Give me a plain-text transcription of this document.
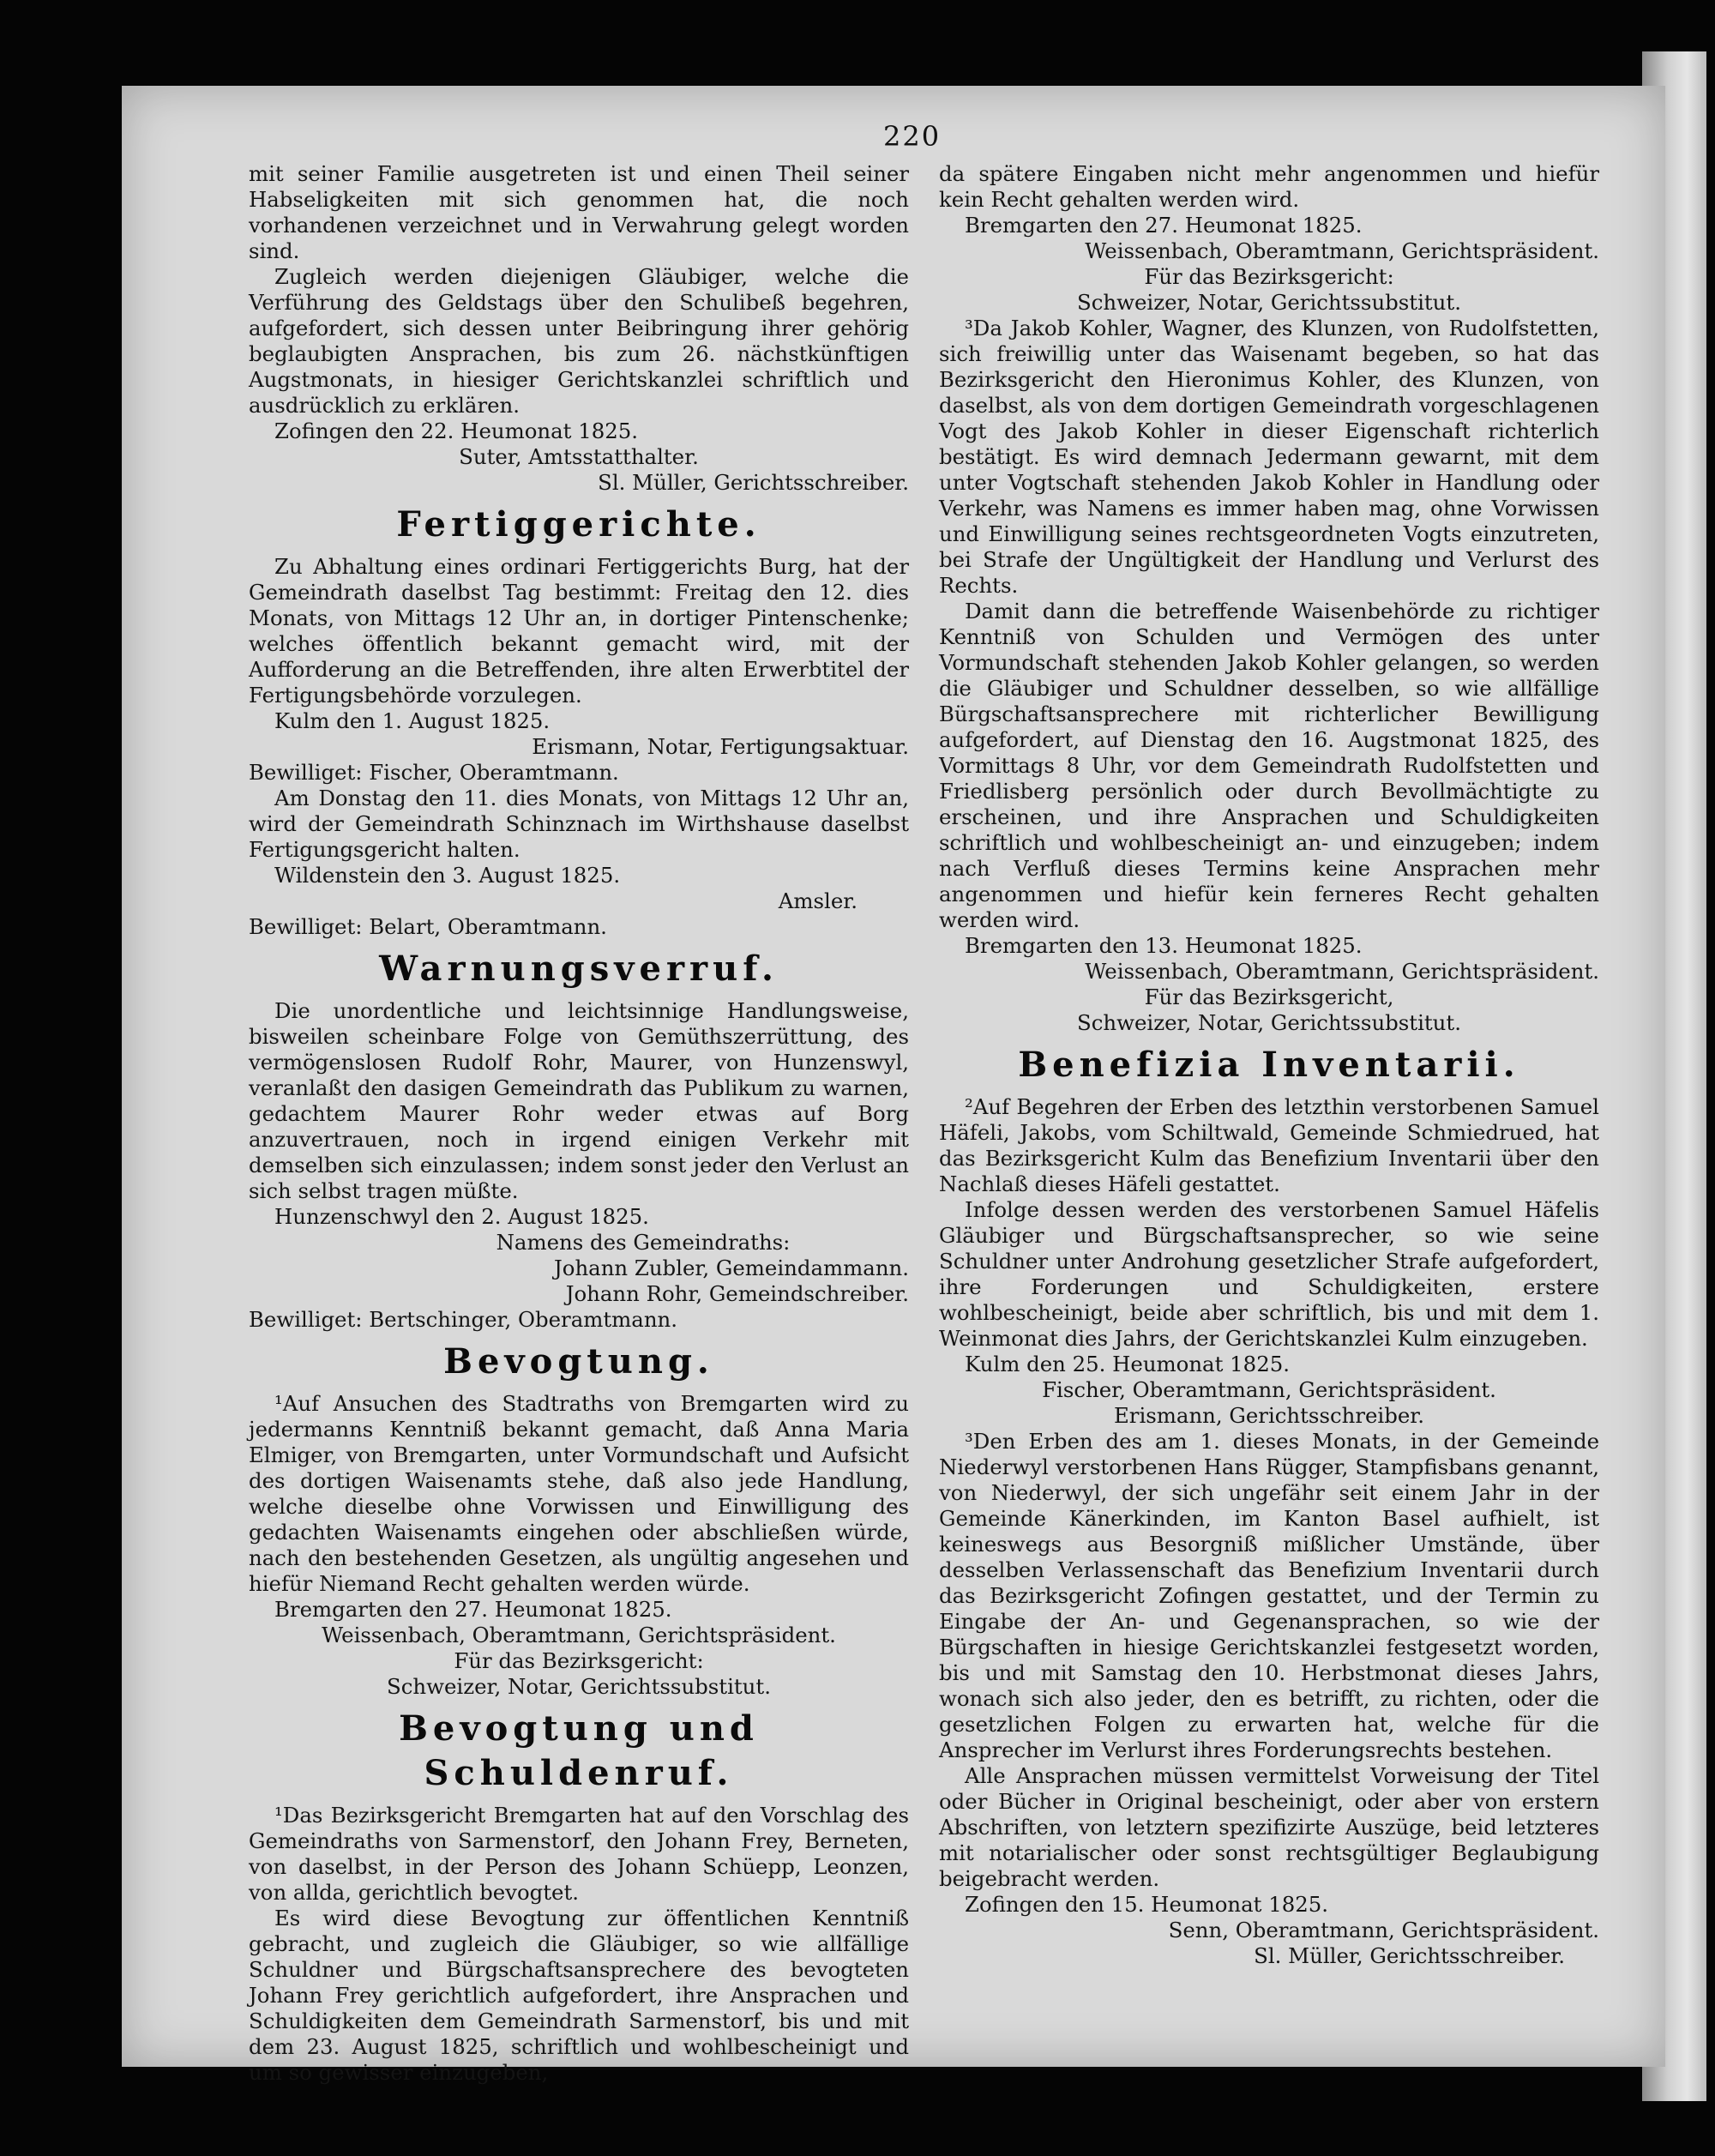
220

mit seiner Familie ausgetreten ist und einen Theil seiner Habseligkeiten mit sich genommen hat, die noch vorhandenen verzeichnet und in Verwahrung gelegt worden sind.

Zugleich werden diejenigen Gläubiger, welche die Verführung des Geldstags über den Schulibeß begehren, aufgefordert, sich dessen unter Beibringung ihrer gehörig beglaubigten Ansprachen, bis zum 26. nächstkünftigen Augstmonats, in hiesiger Gerichtskanzlei schriftlich und ausdrücklich zu erklären.

Zofingen den 22. Heumonat 1825.

Suter, Amtsstatthalter.

Sl. Müller, Gerichtsschreiber.

Fertiggerichte.

Zu Abhaltung eines ordinari Fertiggerichts Burg, hat der Gemeindrath daselbst Tag bestimmt: Freitag den 12. dies Monats, von Mittags 12 Uhr an, in dortiger Pintenschenke; welches öffentlich bekannt gemacht wird, mit der Aufforderung an die Betreffenden, ihre alten Erwerbtitel der Fertigungsbehörde vorzulegen.

Kulm den 1. August 1825.

Erismann, Notar, Fertigungsaktuar.

Bewilliget: Fischer, Oberamtmann.

Am Donstag den 11. dies Monats, von Mittags 12 Uhr an, wird der Gemeindrath Schinznach im Wirthshause daselbst Fertigungsgericht halten.

Wildenstein den 3. August 1825.

Amsler.

Bewilliget: Belart, Oberamtmann.

Warnungsverruf.

Die unordentliche und leichtsinnige Handlungsweise, bisweilen scheinbare Folge von Gemüthszerrüttung, des vermögenslosen Rudolf Rohr, Maurer, von Hunzenswyl, veranlaßt den dasigen Gemeindrath das Publikum zu warnen, gedachtem Maurer Rohr weder etwas auf Borg anzuvertrauen, noch in irgend einigen Verkehr mit demselben sich einzulassen; indem sonst jeder den Verlust an sich selbst tragen müßte.

Hunzenschwyl den 2. August 1825.

Namens des Gemeindraths:

Johann Zubler, Gemeindammann.

Johann Rohr, Gemeindschreiber.

Bewilliget: Bertschinger, Oberamtmann.

Bevogtung.

¹Auf Ansuchen des Stadtraths von Bremgarten wird zu jedermanns Kenntniß bekannt gemacht, daß Anna Maria Elmiger, von Bremgarten, unter Vormundschaft und Aufsicht des dortigen Waisenamts stehe, daß also jede Handlung, welche dieselbe ohne Vorwissen und Einwilligung des gedachten Waisenamts eingehen oder abschließen würde, nach den bestehenden Gesetzen, als ungültig angesehen und hiefür Niemand Recht gehalten werden würde.

Bremgarten den 27. Heumonat 1825.

Weissenbach, Oberamtmann, Gerichtspräsident.

Für das Bezirksgericht:

Schweizer, Notar, Gerichtssubstitut.

Bevogtung und Schuldenruf.

¹Das Bezirksgericht Bremgarten hat auf den Vorschlag des Gemeindraths von Sarmenstorf, den Johann Frey, Berneten, von daselbst, in der Person des Johann Schüepp, Leonzen, von allda, gerichtlich bevogtet.

Es wird diese Bevogtung zur öffentlichen Kenntniß gebracht, und zugleich die Gläubiger, so wie allfällige Schuldner und Bürgschaftsansprechere des bevogteten Johann Frey gerichtlich aufgefordert, ihre Ansprachen und Schuldigkeiten dem Gemeindrath Sarmenstorf, bis und mit dem 23. August 1825, schriftlich und wohlbescheinigt und um so gewisser einzugeben,

da spätere Eingaben nicht mehr angenommen und hiefür kein Recht gehalten werden wird.

Bremgarten den 27. Heumonat 1825.

Weissenbach, Oberamtmann, Gerichtspräsident.

Für das Bezirksgericht:

Schweizer, Notar, Gerichtssubstitut.

³Da Jakob Kohler, Wagner, des Klunzen, von Rudolfstetten, sich freiwillig unter das Waisenamt begeben, so hat das Bezirksgericht den Hieronimus Kohler, des Klunzen, von daselbst, als von dem dortigen Gemeindrath vorgeschlagenen Vogt des Jakob Kohler in dieser Eigenschaft richterlich bestätigt. Es wird demnach Jedermann gewarnt, mit dem unter Vogtschaft stehenden Jakob Kohler in Handlung oder Verkehr, was Namens es immer haben mag, ohne Vorwissen und Einwilligung seines rechtsgeordneten Vogts einzutreten, bei Strafe der Ungültigkeit der Handlung und Verlurst des Rechts.

Damit dann die betreffende Waisenbehörde zu richtiger Kenntniß von Schulden und Vermögen des unter Vormundschaft stehenden Jakob Kohler gelangen, so werden die Gläubiger und Schuldner desselben, so wie allfällige Bürgschaftsansprechere mit richterlicher Bewilligung aufgefordert, auf Dienstag den 16. Augstmonat 1825, des Vormittags 8 Uhr, vor dem Gemeindrath Rudolfstetten und Friedlisberg persönlich oder durch Bevollmächtigte zu erscheinen, und ihre Ansprachen und Schuldigkeiten schriftlich und wohlbescheinigt an- und einzugeben; indem nach Verfluß dieses Termins keine Ansprachen mehr angenommen und hiefür kein ferneres Recht gehalten werden wird.

Bremgarten den 13. Heumonat 1825.

Weissenbach, Oberamtmann, Gerichtspräsident.

Für das Bezirksgericht,

Schweizer, Notar, Gerichtssubstitut.

Benefizia Inventarii.

²Auf Begehren der Erben des letzthin verstorbenen Samuel Häfeli, Jakobs, vom Schiltwald, Gemeinde Schmiedrued, hat das Bezirksgericht Kulm das Benefizium Inventarii über den Nachlaß dieses Häfeli gestattet.

Infolge dessen werden des verstorbenen Samuel Häfelis Gläubiger und Bürgschaftsansprecher, so wie seine Schuldner unter Androhung gesetzlicher Strafe aufgefordert, ihre Forderungen und Schuldigkeiten, erstere wohlbescheinigt, beide aber schriftlich, bis und mit dem 1. Weinmonat dies Jahrs, der Gerichtskanzlei Kulm einzugeben.

Kulm den 25. Heumonat 1825.

Fischer, Oberamtmann, Gerichtspräsident.

Erismann, Gerichtsschreiber.

³Den Erben des am 1. dieses Monats, in der Gemeinde Niederwyl verstorbenen Hans Rügger, Stampfisbans genannt, von Niederwyl, der sich ungefähr seit einem Jahr in der Gemeinde Känerkinden, im Kanton Basel aufhielt, ist keineswegs aus Besorgniß mißlicher Umstände, über desselben Verlassenschaft das Benefizium Inventarii durch das Bezirksgericht Zofingen gestattet, und der Termin zu Eingabe der An- und Gegenansprachen, so wie der Bürgschaften in hiesige Gerichtskanzlei festgesetzt worden, bis und mit Samstag den 10. Herbstmonat dieses Jahrs, wonach sich also jeder, den es betrifft, zu richten, oder die gesetzlichen Folgen zu erwarten hat, welche für die Ansprecher im Verlurst ihres Forderungsrechts bestehen.

Alle Ansprachen müssen vermittelst Vorweisung der Titel oder Bücher in Original bescheinigt, oder aber von erstern Abschriften, von letztern spezifizirte Auszüge, beid letzteres mit notarialischer oder sonst rechtsgültiger Beglaubigung beigebracht werden.

Zofingen den 15. Heumonat 1825.

Senn, Oberamtmann, Gerichtspräsident.

Sl. Müller, Gerichtsschreiber.
